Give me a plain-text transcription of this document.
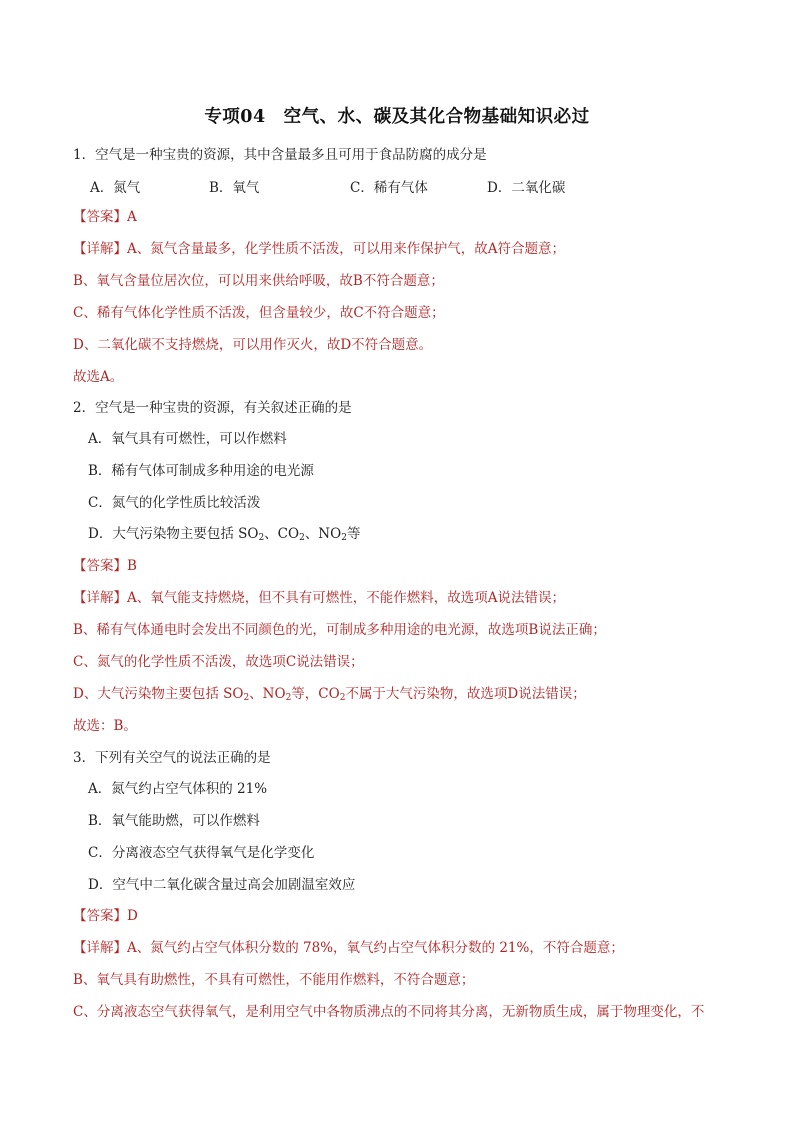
专项04　空气、水、碳及其化合物基础知识必过
1．空气是一种宝贵的资源，其中含量最多且可用于食品防腐的成分是
A．氮气	B．氧气	C．稀有气体	D．二氧化碳
【答案】A
【详解】A、氮气含量最多，化学性质不活泼，可以用来作保护气，故A符合题意；
B、氧气含量位居次位，可以用来供给呼吸，故B不符合题意；
C、稀有气体化学性质不活泼，但含量较少，故C不符合题意；
D、二氧化碳不支持燃烧，可以用作灭火，故D不符合题意。
故选A。
2．空气是一种宝贵的资源，有关叙述正确的是
A．氧气具有可燃性，可以作燃料
B．稀有气体可制成多种用途的电光源
C．氮气的化学性质比较活泼
D．大气污染物主要包括 $SO_2$、$CO_2$、$NO_2$等
【答案】B
【详解】A、氧气能支持燃烧，但不具有可燃性，不能作燃料，故选项A说法错误；
B、稀有气体通电时会发出不同颜色的光，可制成多种用途的电光源，故选项B说法正确；
C、氮气的化学性质不活泼，故选项C说法错误；
D、大气污染物主要包括 $SO_2$、$NO_2$等，$CO_2$不属于大气污染物，故选项D说法错误；
故选：B。
3．下列有关空气的说法正确的是
A．氮气约占空气体积的 21%
B．氧气能助燃，可以作燃料
C．分离液态空气获得氧气是化学变化
D．空气中二氧化碳含量过高会加剧温室效应
【答案】D
【详解】A、氮气约占空气体积分数的 78%，氧气约占空气体积分数的 21%，不符合题意；
B、氧气具有助燃性，不具有可燃性，不能用作燃料，不符合题意；
C、分离液态空气获得氧气，是利用空气中各物质沸点的不同将其分离，无新物质生成，属于物理变化，不
